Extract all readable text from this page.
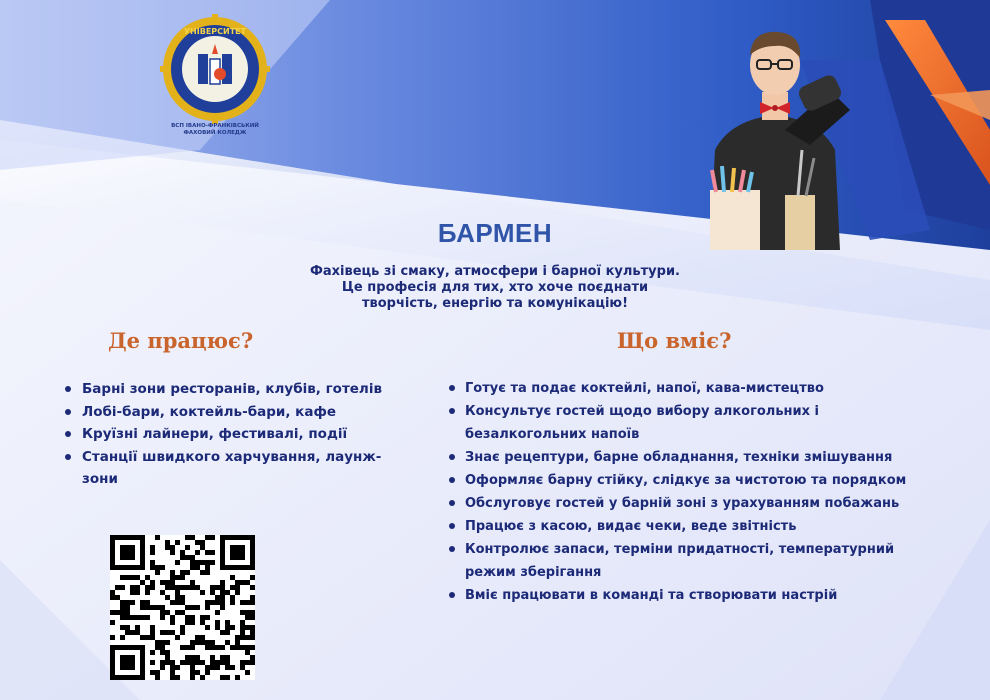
УНІВЕРСИТЕТ
ВСП ІВАНО-ФРАНКІВСЬКИЙ
ФАХОВИЙ КОЛЕДЖ
БАРМЕН
Фахівець зі смаку, атмосфери і барної культури.
Це професія для тих, хто хоче поєднати
творчість, енергію та комунікацію!
Де працює?	Що вміє?
Барні зони ресторанів, клубів, готелів
Лобі-бари, коктейль-бари, кафе
Круїзні лайнери, фестивалі, події
Станції швидкого харчування, лаунж-зони
Готує та подає коктейлі, напої, кава-мистецтво
Консультує гостей щодо вибору алкогольних і безалкогольних напоїв
Знає рецептури, барне обладнання, техніки змішування
Оформляє барну стійку, слідкує за чистотою та порядком
Обслуговує гостей у барній зоні з урахуванням побажань
Працює з касою, видає чеки, веде звітність
Контролює запаси, терміни придатності, температурний режим зберігання
Вміє працювати в команді та створювати настрій
